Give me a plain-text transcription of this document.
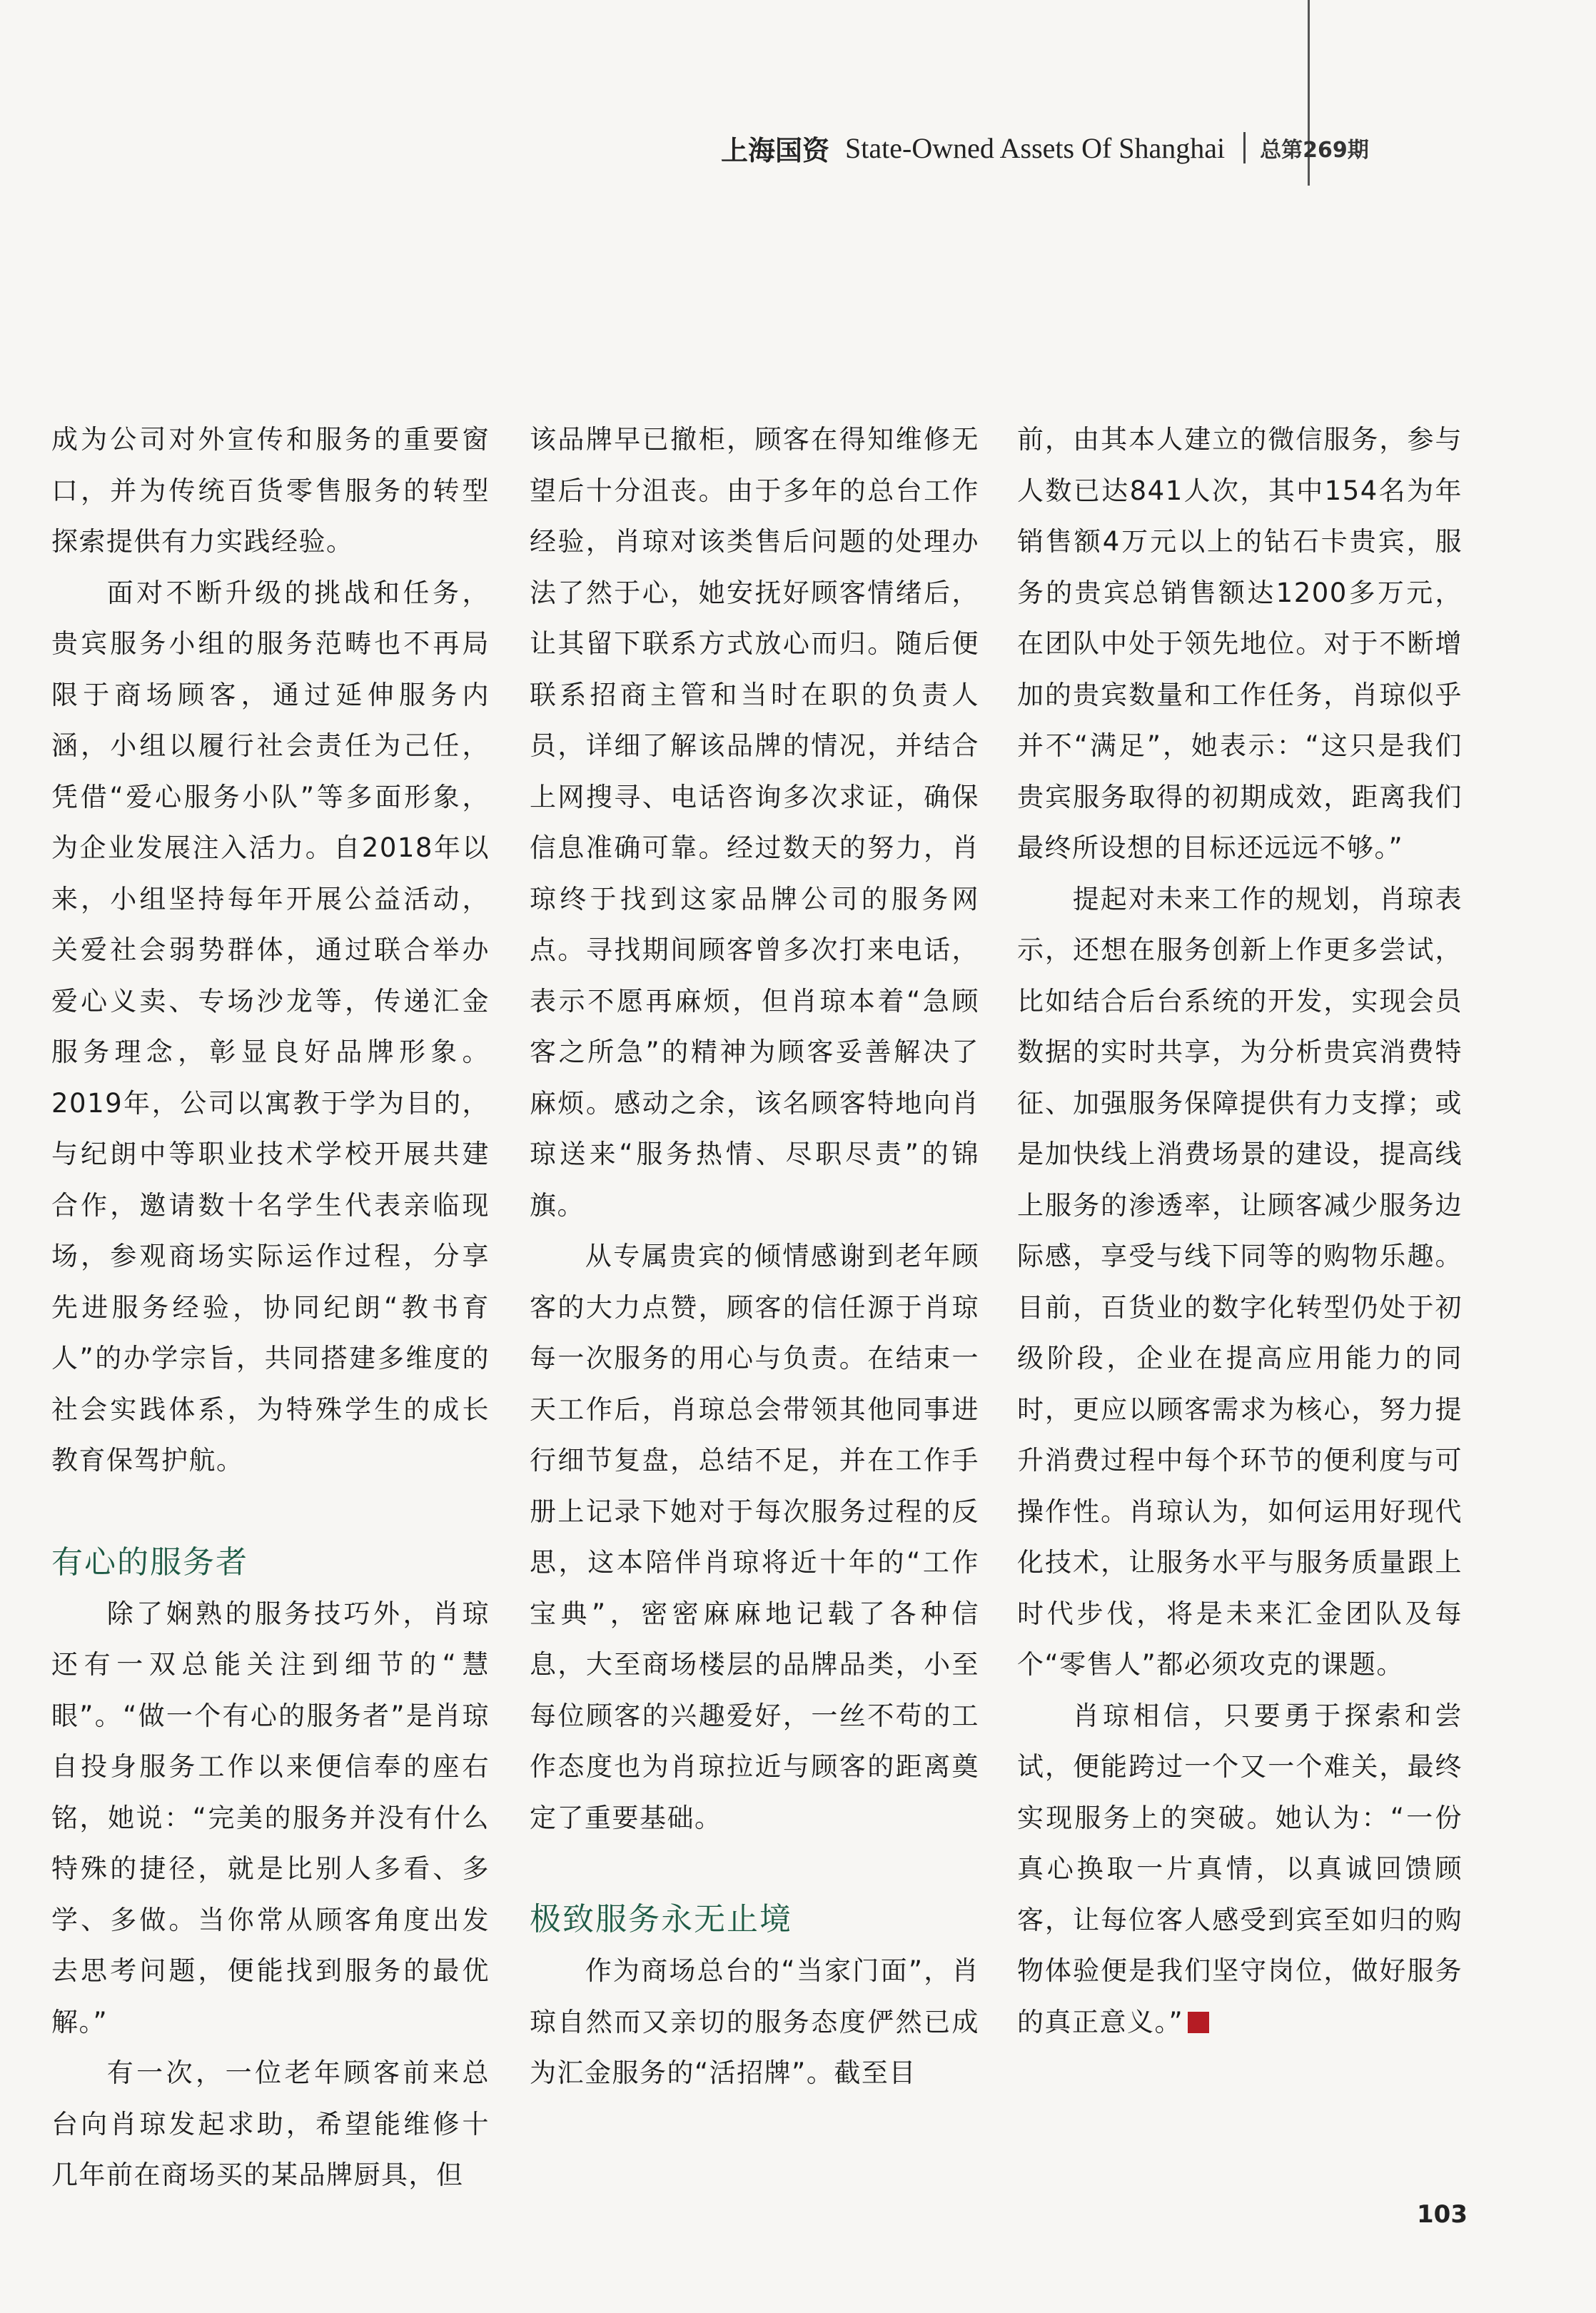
上海国资 State-Owned Assets Of Shanghai 总第269期

成为公司对外宣传和服务的重要窗口，并为传统百货零售服务的转型探索提供有力实践经验。

面对不断升级的挑战和任务，贵宾服务小组的服务范畴也不再局限于商场顾客，通过延伸服务内涵，小组以履行社会责任为己任，凭借“爱心服务小队”等多面形象，为企业发展注入活力。自2018年以来，小组坚持每年开展公益活动，关爱社会弱势群体，通过联合举办爱心义卖、专场沙龙等，传递汇金服务理念，彰显良好品牌形象。2019年，公司以寓教于学为目的，与纪朗中等职业技术学校开展共建合作，邀请数十名学生代表亲临现场，参观商场实际运作过程，分享先进服务经验，协同纪朗“教书育人”的办学宗旨，共同搭建多维度的社会实践体系，为特殊学生的成长教育保驾护航。

有心的服务者

除了娴熟的服务技巧外，肖琼还有一双总能关注到细节的“慧眼”。“做一个有心的服务者”是肖琼自投身服务工作以来便信奉的座右铭，她说：“完美的服务并没有什么特殊的捷径，就是比别人多看、多学、多做。当你常从顾客角度出发去思考问题，便能找到服务的最优解。”

有一次，一位老年顾客前来总台向肖琼发起求助，希望能维修十几年前在商场买的某品牌厨具，但

该品牌早已撤柜，顾客在得知维修无望后十分沮丧。由于多年的总台工作经验，肖琼对该类售后问题的处理办法了然于心，她安抚好顾客情绪后，让其留下联系方式放心而归。随后便联系招商主管和当时在职的负责人员，详细了解该品牌的情况，并结合上网搜寻、电话咨询多次求证，确保信息准确可靠。经过数天的努力，肖琼终于找到这家品牌公司的服务网点。寻找期间顾客曾多次打来电话，表示不愿再麻烦，但肖琼本着“急顾客之所急”的精神为顾客妥善解决了麻烦。感动之余，该名顾客特地向肖琼送来“服务热情、尽职尽责”的锦旗。

从专属贵宾的倾情感谢到老年顾客的大力点赞，顾客的信任源于肖琼每一次服务的用心与负责。在结束一天工作后，肖琼总会带领其他同事进行细节复盘，总结不足，并在工作手册上记录下她对于每次服务过程的反思，这本陪伴肖琼将近十年的“工作宝典”，密密麻麻地记载了各种信息，大至商场楼层的品牌品类，小至每位顾客的兴趣爱好，一丝不苟的工作态度也为肖琼拉近与顾客的距离奠定了重要基础。

极致服务永无止境

作为商场总台的“当家门面”，肖琼自然而又亲切的服务态度俨然已成为汇金服务的“活招牌”。截至目

前，由其本人建立的微信服务，参与人数已达841人次，其中154名为年销售额4万元以上的钻石卡贵宾，服务的贵宾总销售额达1200多万元，在团队中处于领先地位。对于不断增加的贵宾数量和工作任务，肖琼似乎并不“满足”，她表示：“这只是我们贵宾服务取得的初期成效，距离我们最终所设想的目标还远远不够。”

提起对未来工作的规划，肖琼表示，还想在服务创新上作更多尝试，比如结合后台系统的开发，实现会员数据的实时共享，为分析贵宾消费特征、加强服务保障提供有力支撑；或是加快线上消费场景的建设，提高线上服务的渗透率，让顾客减少服务边际感，享受与线下同等的购物乐趣。目前，百货业的数字化转型仍处于初级阶段，企业在提高应用能力的同时，更应以顾客需求为核心，努力提升消费过程中每个环节的便利度与可操作性。肖琼认为，如何运用好现代化技术，让服务水平与服务质量跟上时代步伐，将是未来汇金团队及每个“零售人”都必须攻克的课题。

肖琼相信，只要勇于探索和尝试，便能跨过一个又一个难关，最终实现服务上的突破。她认为：“一份真心换取一片真情，以真诚回馈顾客，让每位客人感受到宾至如归的购物体验便是我们坚守岗位，做好服务的真正意义。”

103
